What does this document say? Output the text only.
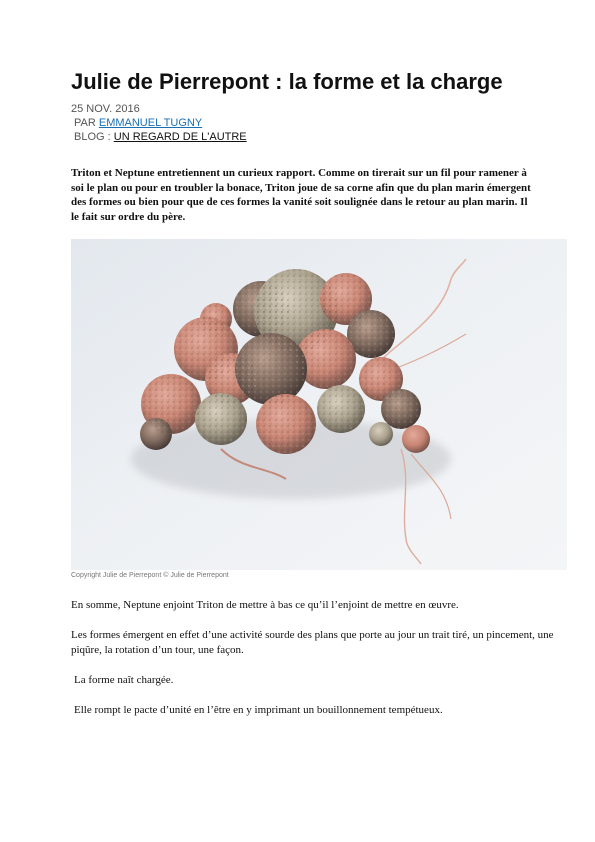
Julie de Pierrepont : la forme et la charge
25 NOV. 2016
PAR EMMANUEL TUGNY
BLOG : UN REGARD DE L'AUTRE
Triton et Neptune entretiennent un curieux rapport. Comme on tirerait sur un fil pour ramener à soi le plan ou pour en troubler la bonace, Triton joue de sa corne afin que du plan marin émergent des formes ou bien pour que de ces formes la vanité soit soulignée dans le retour au plan marin. Il le fait sur ordre du père.
Copyright Julie de Pierrepont © Julie de Pierrepont

En somme, Neptune enjoint Triton de mettre à bas ce qu’il l’enjoint de mettre en œuvre.

Les formes émergent en effet d’une activité sourde des plans que porte au jour un trait tiré, un pincement, une piqûre, la rotation d’un tour, une façon.

La forme naît chargée.

Elle rompt le pacte d’unité en l’être en y imprimant un bouillonnement tempétueux.
